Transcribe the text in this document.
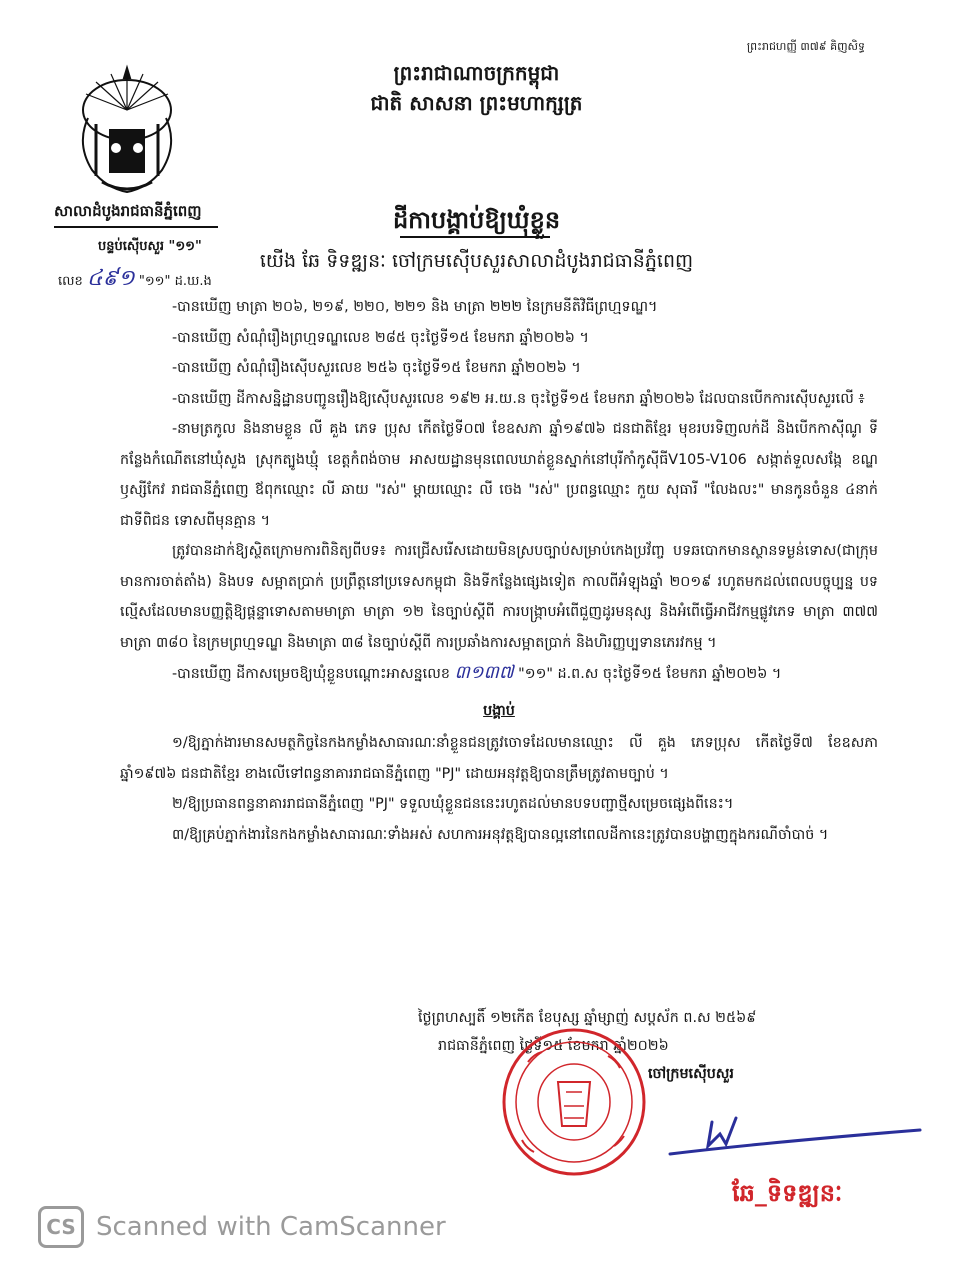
ព្រះរាជហញ្ញី ៣៧៩ គិញសិទ្ធ
ព្រះរាជាណាចក្រកម្ពុជា
ជាតិ សាសនា ព្រះមហាក្សត្រ
សាលាដំបូងរាជធានីភ្នំពេញ
បន្ទប់ស៊ើបសួរ "១១"
លេខ ៤៩១ "១១" ដ.ឃ.ង
ដីកាបង្គាប់ឱ្យឃុំខ្លួន
យើង ឆែ ទិទឌ្ឍនៈ ចៅក្រមស៊ើបសួរសាលាដំបូងរាជធានីភ្នំពេញ

-បានឃើញ មាត្រា ២០៦, ២១៩, ២២០, ២២១ និង មាត្រា ២២២ នៃក្រមនីតិវិធីព្រហ្មទណ្ឌ។

-បានឃើញ សំណុំរឿងព្រហ្មទណ្ឌលេខ ២៨៥ ចុះថ្ងៃទី១៥ ខែមករា ឆ្នាំ២០២៦ ។

-បានឃើញ សំណុំរឿងស៊ើបសួរលេខ ២៥៦ ចុះថ្ងៃទី១៥ ខែមករា ឆ្នាំ២០២៦ ។

-បានឃើញ ដីកាសន្និដ្ឋានបញ្ជូនរឿងឱ្យស៊ើបសួរលេខ ១៩២ អ.យ.ន ចុះថ្ងៃទី១៥ ខែមករា ឆ្នាំ២០២៦ ដែលបានបើកការស៊ើបសួរលើ ៖

-នាមត្រកូល និងនាមខ្លួន លី គួង ភេទ ប្រុស កើតថ្ងៃទី០៧ ខែឧសភា ឆ្នាំ១៩៧៦ ជនជាតិខ្មែរ មុខរបរទិញលក់ដី និងបើកកាស៊ីណូ ទីកន្លែងកំណើតនៅឃុំសួង ស្រុកត្បូងឃ្មុំ ខេត្តកំពង់ចាម អាសយដ្ឋានមុនពេលឃាត់ខ្លួនស្នាក់នៅបុរីកាំកូស៊ីធីV105-V106 សង្កាត់ទួលសង្កែ ខណ្ឌឫស្សីកែវ រាជធានីភ្នំពេញ ឪពុកឈ្មោះ លី ឆាយ "រស់" ម្តាយឈ្មោះ លី ចេង "រស់" ប្រពន្ធឈ្មោះ កួយ សុធារី "លែងលះ" មានកូនចំនួន ៤នាក់ ជាទីពិជន ទោសពីមុនគ្មាន ។

ត្រូវបានដាក់ឱ្យស្ថិតក្រោមការពិនិត្យពីបទ៖ ការជ្រើសរើសដោយមិនស្របច្បាប់សម្រាប់កេងប្រវ័ញ្ច បទឆបោកមានស្ថានទម្ងន់ទោស(ជាក្រុមមានការចាត់តាំង) និងបទ សម្អាតប្រាក់ ប្រព្រឹត្តនៅប្រទេសកម្ពុជា និងទីកន្លែងផ្សេងទៀត កាលពីអំឡុងឆ្នាំ ២០១៩ រហូតមកដល់ពេលបច្ចុប្បន្ន បទល្មើសដែលមានបញ្ញត្តិឱ្យផ្តន្ទាទោសតាមមាត្រា មាត្រា ១២ នៃច្បាប់ស្តីពី ការបង្ក្រាបអំពើជួញដូរមនុស្ស និងអំពើធ្វើអាជីវកម្មផ្លូវភេទ មាត្រា ៣៧៧ មាត្រា ៣៨០ នៃក្រមព្រហ្មទណ្ឌ និងមាត្រា ៣៨ នៃច្បាប់ស្តីពី ការប្រឆាំងការសម្អាតប្រាក់ និងហិរញ្ញប្បទានភេរវកម្ម ។

-បានឃើញ ដីកាសម្រេចឱ្យឃុំខ្លួនបណ្តោះអាសន្នលេខ ៣១៣៧ "១១" ដ.ព.ស ចុះថ្ងៃទី១៥ ខែមករា ឆ្នាំ២០២៦ ។

បង្គាប់

១/ឱ្យភ្នាក់ងារមានសមត្ថកិច្ចនៃកងកម្លាំងសាធារណៈនាំខ្លួនជនត្រូវចោទដែលមានឈ្មោះ លី គួង ភេទប្រុស កើតថ្ងៃទី៧ ខែឧសភា ឆ្នាំ១៩៧៦ ជនជាតិខ្មែរ ខាងលើទៅពន្ធនាគាររាជធានីភ្នំពេញ "PJ" ដោយអនុវត្តឱ្យបានត្រឹមត្រូវតាមច្បាប់ ។

២/ឱ្យប្រធានពន្ធនាគាររាជធានីភ្នំពេញ "PJ" ទទួលឃុំខ្លួនជននេះរហូតដល់មានបទបញ្ជាថ្មីសម្រេចផ្សេងពីនេះ។

៣/ឱ្យគ្រប់ភ្នាក់ងារនៃកងកម្លាំងសាធារណៈទាំងអស់ សហការអនុវត្តឱ្យបានល្អនៅពេលដីកានេះត្រូវបានបង្ហាញក្នុងករណីចាំបាច់ ។

ថ្ងៃព្រហស្បតិ៍ ១២កើត ខែបុស្ស ឆ្នាំម្សាញ់ សប្តស័ក ព.ស ២៥៦៩
រាជធានីភ្នំពេញ ថ្ងៃទី១៥ ខែមករា ឆ្នាំ២០២៦
ចៅក្រមស៊ើបសួរ
ឆែ_ទិទឌ្ឍនៈ
CS Scanned with CamScanner
